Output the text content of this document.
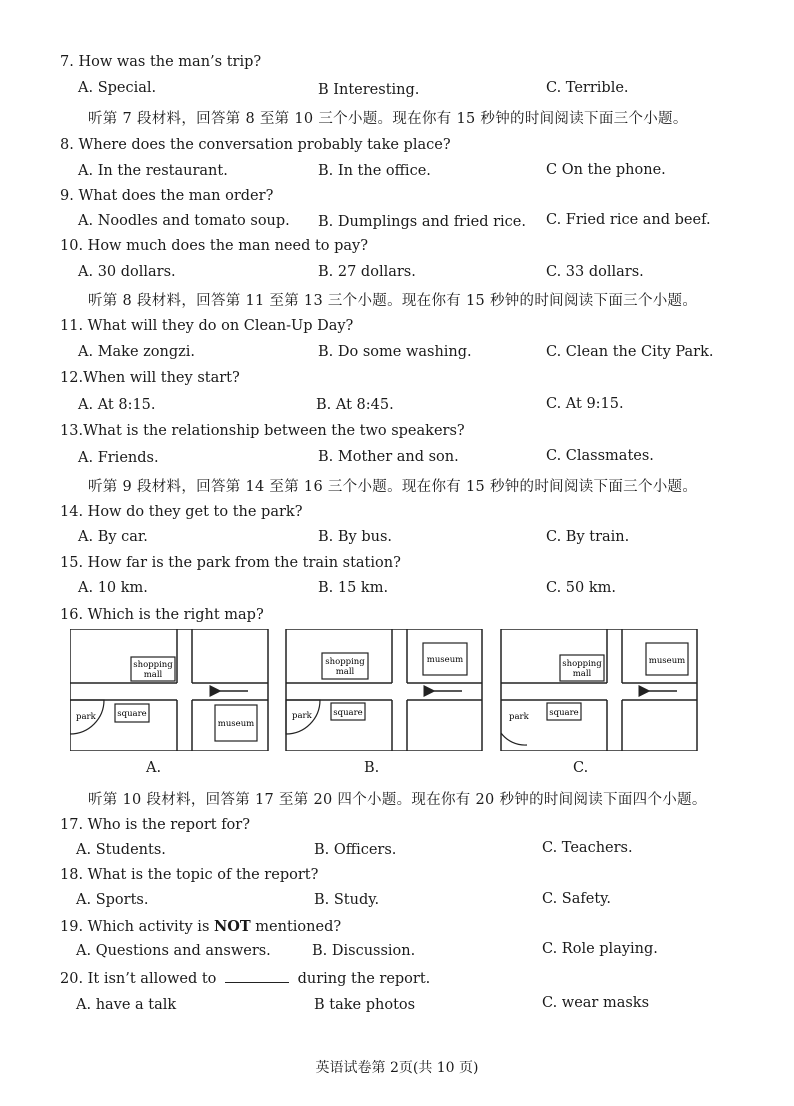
7. How was the man’s trip?
A. Special.	B Interesting.	C. Terrible.
听第 7 段材料，回答第 8 至第 10 三个小题。现在你有 15 秒钟的时间阅读下面三个小题。
8. Where does the conversation probably take place?
A. In the restaurant.	B. In the office.	C On the phone.
9. What does the man order?
A. Noodles and tomato soup. B. Dumplings and fried rice. C. Fried rice and beef.
10. How much does the man need to pay?
A. 30 dollars.	B. 27 dollars.	C. 33 dollars.
听第 8 段材料，回答第 11 至第 13 三个小题。现在你有 15 秒钟的时间阅读下面三个小题。
11. What will they do on Clean-Up Day?
A. Make zongzi.	B. Do some washing.	C. Clean the City Park.
12.When will they start?
A. At 8:15.	B. At 8:45.	C. At 9:15.
13.What is the relationship between the two speakers?
A. Friends.	B. Mother and son.	C. Classmates.
听第 9 段材料，回答第 14 至第 16 三个小题。现在你有 15 秒钟的时间阅读下面三个小题。
14. How do they get to the park?
A. By car.	B. By bus.	C. By train.
15. How far is the park from the train station?
A. 10 km.	B. 15 km.	C. 50 km.
16. Which is the right map?
shopping
mall
park	square
museum
shopping
mall
museum
park	square
shopping
mall
museum
park square
A.	B.	C.
听第 10 段材料，回答第 17 至第 20 四个小题。现在你有 20 秒钟的时间阅读下面四个小题。
17. Who is the report for?
A. Students.	B. Officers.	C. Teachers.
18. What is the topic of the report?
A. Sports.	B. Study.	C. Safety.
19. Which activity is NOT mentioned?
A. Questions and answers.	B. Discussion.	C. Role playing.
20. It isn’t allowed to	during the report.
A. have a talk	B take photos	C. wear masks
英语试卷第 2页(共 10 页)
